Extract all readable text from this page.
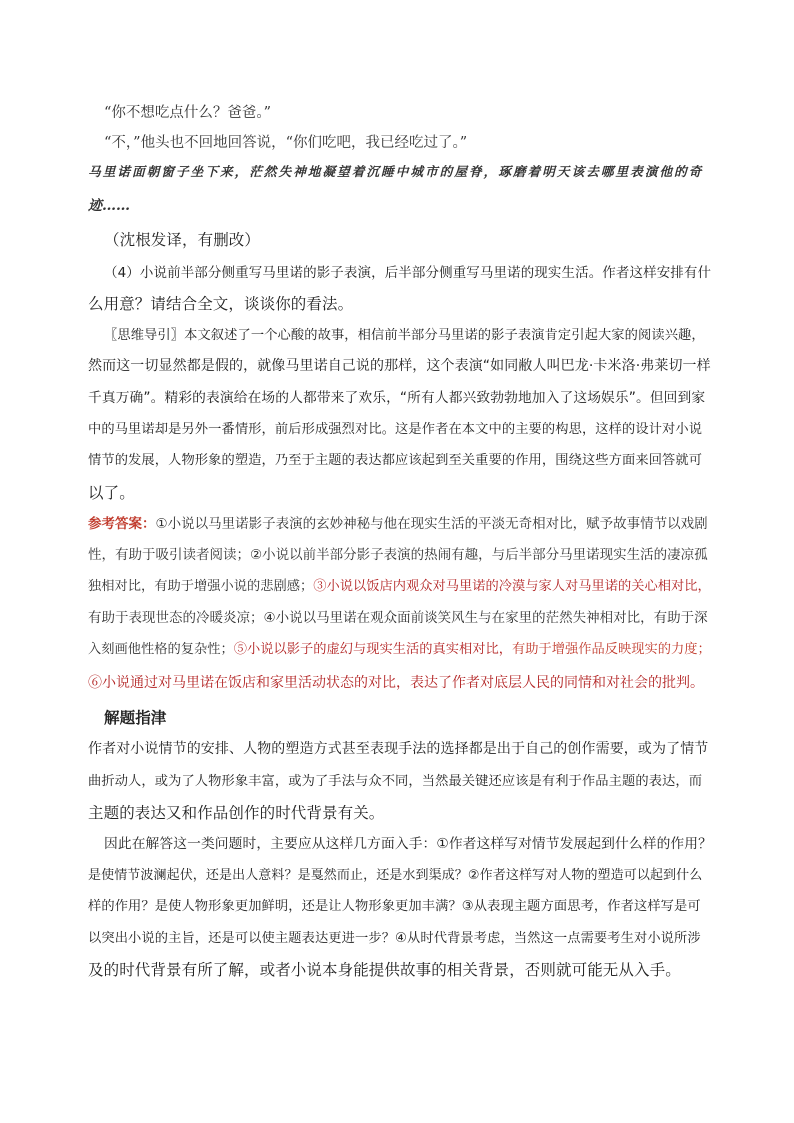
“你不想吃点什么？爸爸。”

“不，”他头也不回地回答说，“你们吃吧，我已经吃过了。”

马里诺面朝窗子坐下来，茫然失神地凝望着沉睡中城市的屋脊，琢磨着明天该去哪里表演他的奇

迹……

（沈根发译，有删改）

（4）小说前半部分侧重写马里诺的影子表演，后半部分侧重写马里诺的现实生活。作者这样安排有什

么用意？请结合全文，谈谈你的看法。

〖思维导引〗本文叙述了一个心酸的故事，相信前半部分马里诺的影子表演肯定引起大家的阅读兴趣，

然而这一切显然都是假的，就像马里诺自己说的那样，这个表演“如同敝人叫巴龙·卡米洛·弗莱切一样

千真万确”。精彩的表演给在场的人都带来了欢乐，“所有人都兴致勃勃地加入了这场娱乐”。但回到家

中的马里诺却是另外一番情形，前后形成强烈对比。这是作者在本文中的主要的构思，这样的设计对小说

情节的发展，人物形象的塑造，乃至于主题的表达都应该起到至关重要的作用，围绕这些方面来回答就可

以了。

参考答案：①小说以马里诺影子表演的玄妙神秘与他在现实生活的平淡无奇相对比，赋予故事情节以戏剧

性，有助于吸引读者阅读；②小说以前半部分影子表演的热闹有趣，与后半部分马里诺现实生活的凄凉孤

独相对比，有助于增强小说的悲剧感；③小说以饭店内观众对马里诺的冷漠与家人对马里诺的关心相对比，

有助于表现世态的冷暖炎凉；④小说以马里诺在观众面前谈笑风生与在家里的茫然失神相对比，有助于深

入刻画他性格的复杂性；⑤小说以影子的虚幻与现实生活的真实相对比，有助于增强作品反映现实的力度；

⑥小说通过对马里诺在饭店和家里活动状态的对比，表达了作者对底层人民的同情和对社会的批判。

解题指津

作者对小说情节的安排、人物的塑造方式甚至表现手法的选择都是出于自己的创作需要，或为了情节

曲折动人，或为了人物形象丰富，或为了手法与众不同，当然最关键还应该是有利于作品主题的表达，而

主题的表达又和作品创作的时代背景有关。

因此在解答这一类问题时，主要应从这样几方面入手：①作者这样写对情节发展起到什么样的作用？

是使情节波澜起伏，还是出人意料？是戛然而止，还是水到渠成？②作者这样写对人物的塑造可以起到什么

样的作用？是使人物形象更加鲜明，还是让人物形象更加丰满？③从表现主题方面思考，作者这样写是可

以突出小说的主旨，还是可以使主题表达更进一步？④从时代背景考虑，当然这一点需要考生对小说所涉

及的时代背景有所了解，或者小说本身能提供故事的相关背景，否则就可能无从入手。
